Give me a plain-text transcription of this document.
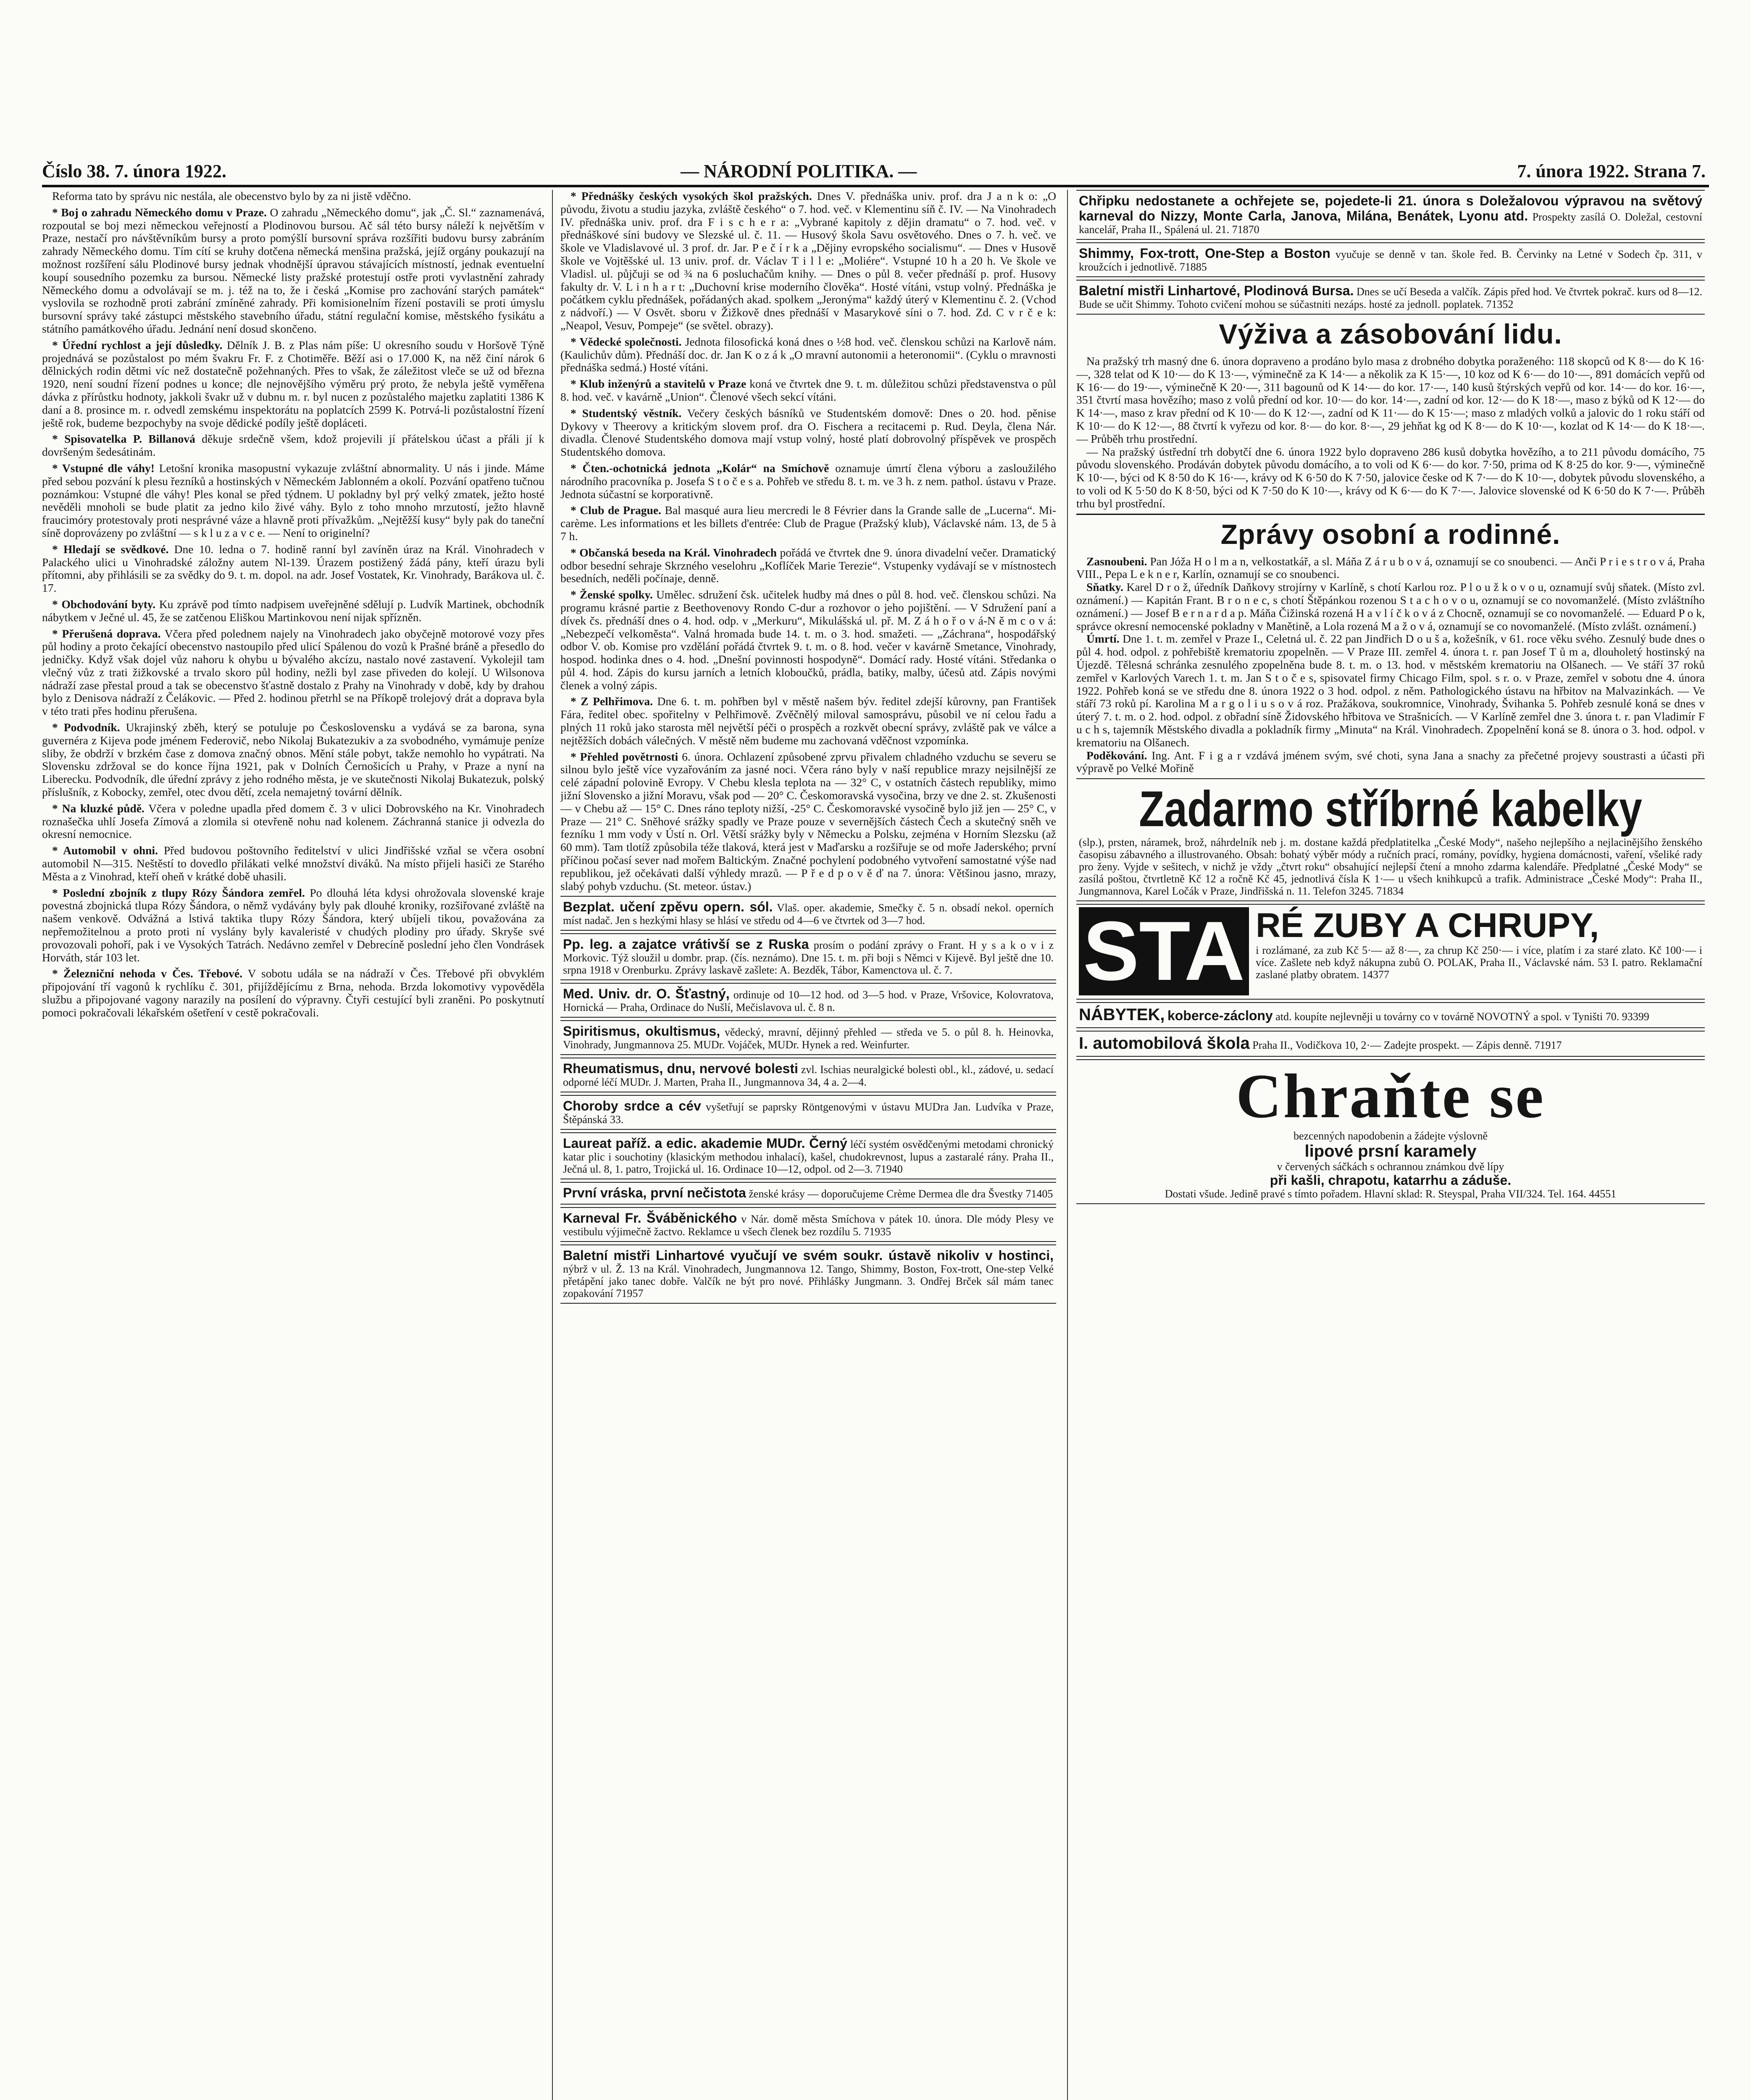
Číslo 38. 7. února 1922.	— NÁRODNÍ POLITIKA. —	7. února 1922. Strana 7.

Reforma tato by správu nic nestála, ale obecenstvo bylo by za ni jistě vděčno.

* Boj o zahradu Německého domu v Praze. O zahradu „Německého domu“, jak „Č. Sl.“ zaznamenává, rozpoutal se boj mezi německou veřejností a Plodinovou bursou. Ač sál této bursy náleží k největším v Praze, nestačí pro návštěvníkům bursy a proto pomýšlí bursovní správa rozšířiti budovu bursy zabráním zahrady Německého domu. Tím cítí se kruhy dotčena německá menšina pražská, jejíž orgány poukazují na možnost rozšíření sálu Plodinové bursy jednak vhodnější úpravou stávajících místností, jednak eventuelní koupí sousedního pozemku za bursou. Německé listy pražské protestují ostře proti vyvlastnění zahrady Německého domu a odvolávají se m. j. též na to, že i česká „Komise pro zachování starých památek“ vyslovila se rozhodně proti zabrání zmíněné zahrady. Při komisionelním řízení postavili se proti úmyslu bursovní správy také zástupci městského stavebního úřadu, státní regulační komise, městského fysikátu a státního památkového úřadu. Jednání není dosud skončeno.

* Úřední rychlost a její důsledky. Dělník J. B. z Plas nám píše: U okresního soudu v Horšově Týně projednává se pozůstalost po mém švakru Fr. F. z Chotiměře. Běží asi o 17.000 K, na něž činí nárok 6 dělnických rodin dětmi víc než dostatečně požehnaných. Přes to však, že záležitost vleče se už od března 1920, není soudní řízení podnes u konce; dle nejnovějšího výměru prý proto, že nebyla ještě vyměřena dávka z přírůstku hodnoty, jakkoli švakr už v dubnu m. r. byl nucen z pozůstalého majetku zaplatiti 1386 K daní a 8. prosince m. r. odvedl zemskému inspektorátu na poplatcích 2599 K. Potrvá-li pozůstalostní řízení ještě rok, budeme bezpochyby na svoje dědické podíly ještě dopláceti.

* Spisovatelka P. Billanová děkuje srdečně všem, kdož projevili jí přátelskou účast a přáli jí k dovršeným šedesátinám.

* Vstupné dle váhy! Letošní kronika masopustní vykazuje zvláštní abnormality. U nás i jinde. Máme před sebou pozvání k plesu řezníků a hostinských v Německém Jablonném a okolí. Pozvání opatřeno tučnou poznámkou: Vstupné dle váhy! Ples konal se před týdnem. U pokladny byl prý velký zmatek, ježto hosté nevěděli mnoholi se bude platit za jedno kilo živé váhy. Bylo z toho mnoho mrzutostí, ježto hlavně fraucimóry protestovaly proti nesprávné váze a hlavně proti přívažkům. „Nejtěžší kusy“ byly pak do taneční síně doprovázeny po zvláštní — s k l u z a v c e. — Není to originelní?

* Hledají se svědkové. Dne 10. ledna o 7. hodině ranní byl zavíněn úraz na Král. Vinohradech v Palackého ulici u Vinohradské záložny autem Nl-139. Úrazem postižený žádá pány, kteří úrazu byli přítomni, aby přihlásili se za svědky do 9. t. m. dopol. na adr. Josef Vostatek, Kr. Vinohrady, Barákova ul. č. 17.

* Obchodování byty. Ku zprávě pod tímto nadpisem uveřejněné sdělují p. Ludvík Martinek, obchodník nábytkem v Ječné ul. 45, že se zatčenou Eliškou Martinkovou není nijak spřízněn.

* Přerušená doprava. Včera před polednem najely na Vinohradech jako obyčejně motorové vozy přes půl hodiny a proto čekající obecenstvo nastoupilo před ulicí Spálenou do vozů k Prašné bráně a přesedlo do jedničky. Když však dojel vůz nahoru k ohybu u bývalého akcízu, nastalo nové zastavení. Vykolejil tam vlečný vůz z trati žižkovské a trvalo skoro půl hodiny, nežli byl zase přiveden do kolejí. U Wilsonova nádraží zase přestal proud a tak se obecenstvo šťastně dostalo z Prahy na Vinohrady v době, kdy by drahou bylo z Denisova nádraží z Čelákovic. — Před 2. hodinou přetrhl se na Příkopě trolejový drát a doprava byla v této trati přes hodinu přerušena.

* Podvodník. Ukrajinský zběh, který se potuluje po Československu a vydává se za barona, syna guvernéra z Kijeva pode jménem Federovič, nebo Nikolaj Bukatezukiv a za svobodného, vymámuje peníze sliby, že obdrží v brzkém čase z domova značný obnos. Mění stále pobyt, takže nemohlo ho vypátrati. Na Slovensku zdržoval se do konce října 1921, pak v Dolních Černošicích u Prahy, v Praze a nyní na Liberecku. Podvodník, dle úřední zprávy z jeho rodného města, je ve skutečnosti Nikolaj Bukatezuk, polský příslušník, z Kobocky, zemřel, otec dvou dětí, zcela nemajetný tovární dělník.

* Na kluzké půdě. Včera v poledne upadla před domem č. 3 v ulici Dobrovského na Kr. Vinohradech roznašečka uhlí Josefa Zímová a zlomila si otevřeně nohu nad kolenem. Záchranná stanice ji odvezla do okresní nemocnice.

* Automobil v ohni. Před budovou poštovního ředitelství v ulici Jindřišské vzňal se včera osobní automobil N—315. Neštěstí to dovedlo přilákati velké množství diváků. Na místo přijeli hasiči ze Starého Města a z Vinohrad, kteří oheň v krátké době uhasili.

* Poslední zbojník z tlupy Rózy Šándora zemřel. Po dlouhá léta kdysi ohrožovala slovenské kraje povestná zbojnická tlupa Rózy Šándora, o němž vydávány byly pak dlouhé kroniky, rozšiřované zvláště na našem venkově. Odvážná a lstivá taktika tlupy Rózy Šándora, který ubíjeli tikou, považována za nepřemožitelnou a proto proti ní vyslány byly kavaleristé v chudých plodiny pro úřady. Skryše své provozovali pohoří, pak i ve Vysokých Tatrách. Nedávno zemřel v Debrecíně poslední jeho člen Vondrásek Horváth, stár 103 let.

* Železniční nehoda v Čes. Třebové. V sobotu udála se na nádraží v Čes. Třebové při obvyklém připojování tří vagonů k rychlíku č. 301, přijíždějícímu z Brna, nehoda. Brzda lokomotivy vypověděla službu a připojované vagony narazily na posílení do výpravny. Čtyři cestující byli zraněni. Po poskytnutí pomoci pokračovali lékařském ošetření v cestě pokračovali.

* Přednášky českých vysokých škol pražských. Dnes V. přednáška univ. prof. dra J a n k o: „O původu, životu a studiu jazyka, zvláště českého“ o 7. hod. več. v Klementinu síň č. IV. — Na Vinohradech IV. přednáška univ. prof. dra F i s c h e r a: „Vybrané kapitoly z dějin dramatu“ o 7. hod. več. v přednáškové síni budovy ve Slezské ul. č. 11. — Husový škola Savu osvětového. Dnes o 7. h. več. ve škole ve Vladislavové ul. 3 prof. dr. Jar. P e č í r k a „Dějiny evropského socialismu“. — Dnes v Husově škole ve Vojtěšské ul. 13 univ. prof. dr. Václav T i l l e: „Moliére“. Vstupné 10 h a 20 h. Ve škole ve Vladisl. ul. půjčuji se od ¾ na 6 posluchačům knihy. — Dnes o půl 8. večer přednáší p. prof. Husovy fakulty dr. V. L i n h a r t: „Duchovní krise moderního člověka“. Hosté vítáni, vstup volný. Přednáška je počátkem cyklu přednášek, pořádaných akad. spolkem „Jeronýma“ každý úterý v Klementinu č. 2. (Vchod z nádvoří.) — V Osvět. sboru v Žižkově dnes přednáší v Masarykové síni o 7. hod. Zd. C v r č e k: „Neapol, Vesuv, Pompeje“ (se světel. obrazy).

* Vědecké společnosti. Jednota filosofická koná dnes o ½8 hod. več. členskou schůzi na Karlově nám. (Kaulichův dům). Přednáší doc. dr. Jan K o z á k „O mravní autonomii a heteronomii“. (Cyklu o mravnosti přednáška sedmá.) Hosté vítáni.

* Klub inženýrů a stavitelů v Praze koná ve čtvrtek dne 9. t. m. důležitou schůzi představenstva o půl 8. hod. več. v kavárně „Union“. Členové všech sekcí vítáni.

* Studentský věstník. Večery českých básníků ve Studentském domově: Dnes o 20. hod. pěnise Dykovy v Theerovy a kritickým slovem prof. dra O. Fischera a recitacemi p. Rud. Deyla, člena Nár. divadla. Členové Studentského domova mají vstup volný, hosté platí dobrovolný příspěvek ve prospěch Studentského domova.

* Čten.-ochotnická jednota „Kolár“ na Smíchově oznamuje úmrtí člena výboru a zasloužilého národního pracovníka p. Josefa S t o č e s a. Pohřeb ve středu 8. t. m. ve 3 h. z nem. pathol. ústavu v Praze. Jednota súčastní se korporativně.

* Club de Prague. Bal masqué aura lieu mercredi le 8 Février dans la Grande salle de „Lucerna“. Mi-carème. Les informations et les billets d'entrée: Club de Prague (Pražský klub), Václavské nám. 13, de 5 à 7 h.

* Občanská beseda na Král. Vinohradech pořádá ve čtvrtek dne 9. února divadelní večer. Dramatický odbor besední sehraje Skrzného veselohru „Koflíček Marie Terezie“. Vstupenky vydávají se v místnostech besedních, neděli počínaje, denně.

* Ženské spolky. Umělec. sdružení čsk. učitelek hudby má dnes o půl 8. hod. več. členskou schůzi. Na programu krásné partie z Beethovenovy Rondo C-dur a rozhovor o jeho pojištění. — V Sdružení paní a dívek čs. přednáší dnes o 4. hod. odp. v „Merkuru“, Mikulášská ul. př. M. Z á h o ř o v á-N ě m c o v á: „Nebezpečí velkoměsta“. Valná hromada bude 14. t. m. o 3. hod. smažeti. — „Záchrana“, hospodářský odbor V. ob. Komise pro vzdělání pořádá čtvrtek 9. t. m. o 8. hod. večer v kavárně Smetance, Vinohrady, hospod. hodinka dnes o 4. hod. „Dnešní povinnosti hospodyně“. Domácí rady. Hosté vítáni. Středanka o půl 4. hod. Zápis do kursu jarních a letních kloboučků, prádla, batiky, malby, účesů atd. Zápis novými členek a volný zápis.

* Z Pelhřimova. Dne 6. t. m. pohřben byl v městě našem býv. ředitel zdejší kůrovny, pan František Fára, ředitel obec. spořitelny v Pelhřimově. Zvěčnělý miloval samosprávu, působil ve ní celou řadu a plných 11 roků jako starosta měl největší péči o prospěch a rozkvět obecní správy, zvláště pak ve válce a nejtěžších dobách válečných. V městě něm budeme mu zachovaná vděčnost vzpomínka.

* Přehled povětrnosti 6. února. Ochlazení způsobené zprvu přivalem chladného vzduchu se severu se silnou bylo ještě více vyzařováním za jasné noci. Včera ráno byly v naší republice mrazy nejsilnější ze celé západní polovině Evropy. V Chebu klesla teplota na — 32° C, v ostatních částech republiky, mimo jižní Slovensko a jižní Moravu, však pod — 20° C. Českomoravská vysočina, brzy ve dne 2. st. Zkušenosti — v Chebu až — 15° C. Dnes ráno teploty nižší, -25° C. Českomoravské vysočině bylo již jen — 25° C, v Praze — 21° C. Sněhové srážky spadly ve Praze pouze v severnějších částech Čech a skutečný sněh ve fezníku 1 mm vody v Ústí n. Orl. Větší srážky byly v Německu a Polsku, zejména v Horním Slezsku (až 60 mm). Tam tlotíž způsobila téže tlaková, která jest v Maďarsku a rozšiřuje se od moře Jaderského; první příčinou počasí sever nad mořem Baltickým. Značné pochylení podobného vytvoření samostatné výše nad republikou, jež očekávati další výhledy mrazů. — P ř e d p o v ě ď na 7. února: Většinou jasno, mrazy, slabý pohyb vzduchu. (St. meteor. ústav.)

Bezplat. učení zpěvu opern. sól. Vlaš. oper. akademie, Smečky č. 5 n. obsadí nekol. operních míst nadač. Jen s hezkými hlasy se hlásí ve středu od 4—6 ve čtvrtek od 3—7 hod.
Pp. leg. a zajatce vrátivší se z Ruska prosím o podání zprávy o Frant. H y s a k o v i z Morkovic. Týž sloužil u dombr. prap. (čís. neznámo). Dne 15. t. m. při boji s Němci v Kijevě. Byl ještě dne 10. srpna 1918 v Orenburku. Zprávy laskavě zašlete: A. Bezděk, Tábor, Kamenctova ul. č. 7.
Med. Univ. dr. O. Šťastný, ordinuje od 10—12 hod. od 3—5 hod. v Praze, Vršovice, Kolovratova, Hornická — Praha, Ordinace do Nušlí, Mečislavova ul. č. 8 n.
Spiritismus, okultismus, vědecký, mravní, dějinný přehled — středa ve 5. o půl 8. h. Heinovka, Vinohrady, Jungmannova 25. MUDr. Vojáček, MUDr. Hynek a red. Weinfurter.
Rheumatismus, dnu, nervové bolesti zvl. Ischias neuralgické bolesti obl., kl., zádové, u. sedací odporné léčí MUDr. J. Marten, Praha II., Jungmannova 34, 4 a. 2—4.
Choroby srdce a cév vyšetřují se paprsky Röntgenovými v ústavu MUDra Jan. Ludvíka v Praze, Štěpánská 33.
Laureat paříž. a edic. akademie MUDr. Černý léčí systém osvědčenými metodami chronický katar plic i souchotiny (klasickým methodou inhalací), kašel, chudokrevnost, lupus a zastaralé rány. Praha II., Ječná ul. 8, 1. patro, Trojická ul. 16. Ordinace 10—12, odpol. od 2—3. 71940
První vráska, první nečistota ženské krásy — doporučujeme Crème Dermea dle dra Švestky 71405
Karneval Fr. Šváběnického v Nár. domě města Smíchova v pátek 10. února. Dle módy Plesy ve vestibulu výjimečně žactvo. Reklamce u všech členek bez rozdílu 5. 71935
Baletní mistři Linhartové vyučují ve svém soukr. ústavě nikoliv v hostinci, nýbrž v ul. Ž. 13 na Král. Vinohradech, Jungmannova 12. Tango, Shimmy, Boston, Fox-trott, One-step Velké přetápění jako tanec dobře. Valčík ne být pro nové. Přihlášky Jungmann. 3. Ondřej Brček sál mám tanec zopakování 71957
Chřipku nedostanete a ochřejete se, pojedete-li 21. února s Doležalovou výpravou na světový karneval do Nizzy, Monte Carla, Janova, Milána, Benátek, Lyonu atd. Prospekty zasílá O. Doležal, cestovní kancelář, Praha II., Spálená ul. 21. 71870
Shimmy, Fox-trott, One-Step a Boston vyučuje se denně v tan. škole řed. B. Červinky na Letné v Sodech čp. 311, v kroužcích i jednotlivě. 71885
Baletní mistři Linhartové, Plodinová Bursa. Dnes se učí Beseda a valčík. Zápis před hod. Ve čtvrtek pokrač. kurs od 8—12. Bude se učit Shimmy. Tohoto cvičení mohou se súčastniti nezáps. hosté za jednoll. poplatek. 71352
Výživa a zásobování lidu.

Na pražský trh masný dne 6. února dopraveno a prodáno bylo masa z drobného dobytka poraženého: 118 skopců od K 8·— do K 16·—, 328 telat od K 10·— do K 13·—, výminečně za K 14·— a několik za K 15·—, 10 koz od K 6·— do 10·—, 891 domácích vepřů od K 16·— do 19·—, výminečně K 20·—, 311 bagounů od K 14·— do kor. 17·—, 140 kusů štýrských vepřů od kor. 14·— do kor. 16·—, 351 čtvrtí masa hovězího; maso z volů přední od kor. 10·— do kor. 14·—, zadní od kor. 12·— do K 18·—, maso z býků od K 12·— do K 14·—, maso z krav přední od K 10·— do K 12·—, zadní od K 11·— do K 15·—; maso z mladých volků a jalovic do 1 roku stáří od K 10·— do K 12·—, 88 čtvrtí k vyřezu od kor. 8·— do kor. 8·—, 29 jehňat kg od K 8·— do K 10·—, kozlat od K 14·— do K 18·—. — Průběh trhu prostřední.

— Na pražský ústřední trh dobytčí dne 6. února 1922 bylo dopraveno 286 kusů dobytka hovězího, a to 211 původu domácího, 75 původu slovenského. Prodáván dobytek původu domácího, a to voli od K 6·— do kor. 7·50, prima od K 8·25 do kor. 9·—, výminečně K 10·—, býci od K 8·50 do K 16·—, krávy od K 6·50 do K 7·50, jalovice česke od K 7·— do K 10·—, dobytek původu slovenského, a to voli od K 5·50 do K 8·50, býci od K 7·50 do K 10·—, krávy od K 6·— do K 7·—. Jalovice slovenské od K 6·50 do K 7·—. Průběh trhu byl prostřední.

Zprávy osobní a rodinné.

Zasnoubeni. Pan Jóža H o l m a n, velkostatkář, a sl. Máňa Z á r u b o v á, oznamují se co snoubenci. — Anči P r i e s t r o v á, Praha VIII., Pepa L e k n e r, Karlín, oznamují se co snoubenci.

Sňatky. Karel D r o ž, úředník Daňkovy strojírny v Karlíně, s chotí Karlou roz. P l o u ž k o v o u, oznamují svůj sňatek. (Místo zvl. oznámení.) — Kapitán Frant. B r o n e c, s chotí Štěpánkou rozenou S t a c h o v o u, oznamují se co novomanželé. (Místo zvláštního oznámení.) — Josef B e r n a r d a p. Máňa Čižinská rozená H a v l í č k o v á z Chocně, oznamují se co novomanželé. — Eduard P o k, správce okresní nemocenské pokladny v Manětině, a Lola rozená M a ž o v á, oznamují se co novomanželé. (Místo zvlášt. oznámení.)

Úmrtí. Dne 1. t. m. zemřel v Praze I., Celetná ul. č. 22 pan Jindřich D o u š a, kožešník, v 61. roce věku svého. Zesnulý bude dnes o půl 4. hod. odpol. z pohřebiště krematoriu zpopelněn. — V Praze III. zemřel 4. února t. r. pan Josef T ů m a, dlouholetý hostinský na Újezdě. Tělesná schránka zesnulého zpopelněna bude 8. t. m. o 13. hod. v městském krematoriu na Olšanech. — Ve stáří 37 roků zemřel v Karlových Varech 1. t. m. Jan S t o č e s, spisovatel firmy Chicago Film, spol. s r. o. v Praze, zemřel v sobotu dne 4. února 1922. Pohřeb koná se ve středu dne 8. února 1922 o 3 hod. odpol. z něm. Pathologického ústavu na hřbitov na Malvazinkách. — Ve stáří 73 roků pí. Karolina M a r g o l i u s o v á roz. Pražákova, soukromnice, Vinohrady, Švihanka 5. Pohřeb zesnulé koná se dnes v úterý 7. t. m. o 2. hod. odpol. z obřadní síně Židovského hřbitova ve Strašnicích. — V Karlíně zemřel dne 3. února t. r. pan Vladimír F u c h s, tajemník Městského divadla a pokladník firmy „Minuta“ na Král. Vinohradech. Zpopelnění koná se 8. února o 3. hod. odpol. v krematoriu na Olšanech.

Poděkování. Ing. Ant. F i g a r vzdává jménem svým, své choti, syna Jana a snachy za přečetné projevy soustrasti a účasti při výpravě po Velké Mořině

Zadarmo stříbrné kabelky
(slp.), prsten, náramek, brož, náhrdelník neb j. m. dostane každá předplatitelka „České Mody“, našeho nejlepšího a nejlacinějšího ženského časopisu zábavného a illustrovaného. Obsah: bohatý výběr módy a ručních prací, romány, povídky, hygiena domácnosti, vaření, všeliké rady pro ženy. Vyjde v sešitech, v nichž je vždy „čtvrt roku“ obsahující nejlepší čtení a mnoho zdarma kalendáře. Předplatné „České Mody“ se zasílá poštou, čtvrtletně Kč 12 a ročně Kč 45, jednotlivá čísla K 1·— u všech knihkupců a trafik. Administrace „České Mody“: Praha II., Jungmannova, Karel Ločák v Praze, Jindřišská n. 11. Telefon 3245. 71834
STA RÉ ZUBY A CHRUPY,
i rozlámané, za zub Kč 5·— až 8·—, za chrup Kč 250·— i více, platím i za staré zlato. Kč 100·— i více. Zašlete neb když nákupna zubů O. POLAK, Praha II., Václavské nám. 53 I. patro. Reklamační zaslané platby obratem. 14377
NÁBYTEK, koberce-záclony atd. koupíte nejlevněji u továrny co v továrně NOVOTNÝ a spol. v Tyništi 70. 93399
I. automobilová škola Praha II., Vodičkova 10, 2·— Zadejte prospekt. — Zápis denně. 71917
Chraňte se
bezcenných napodobenin a žádejte výslovně
lipové prsní karamely
v červených sáčkách s ochrannou známkou dvě lípy
při kašli, chrapotu, katarrhu a záduše.
Dostati všude. Jedině pravé s tímto pořadem. Hlavní sklad: R. Steyspal, Praha VII/324. Tel. 164. 44551
